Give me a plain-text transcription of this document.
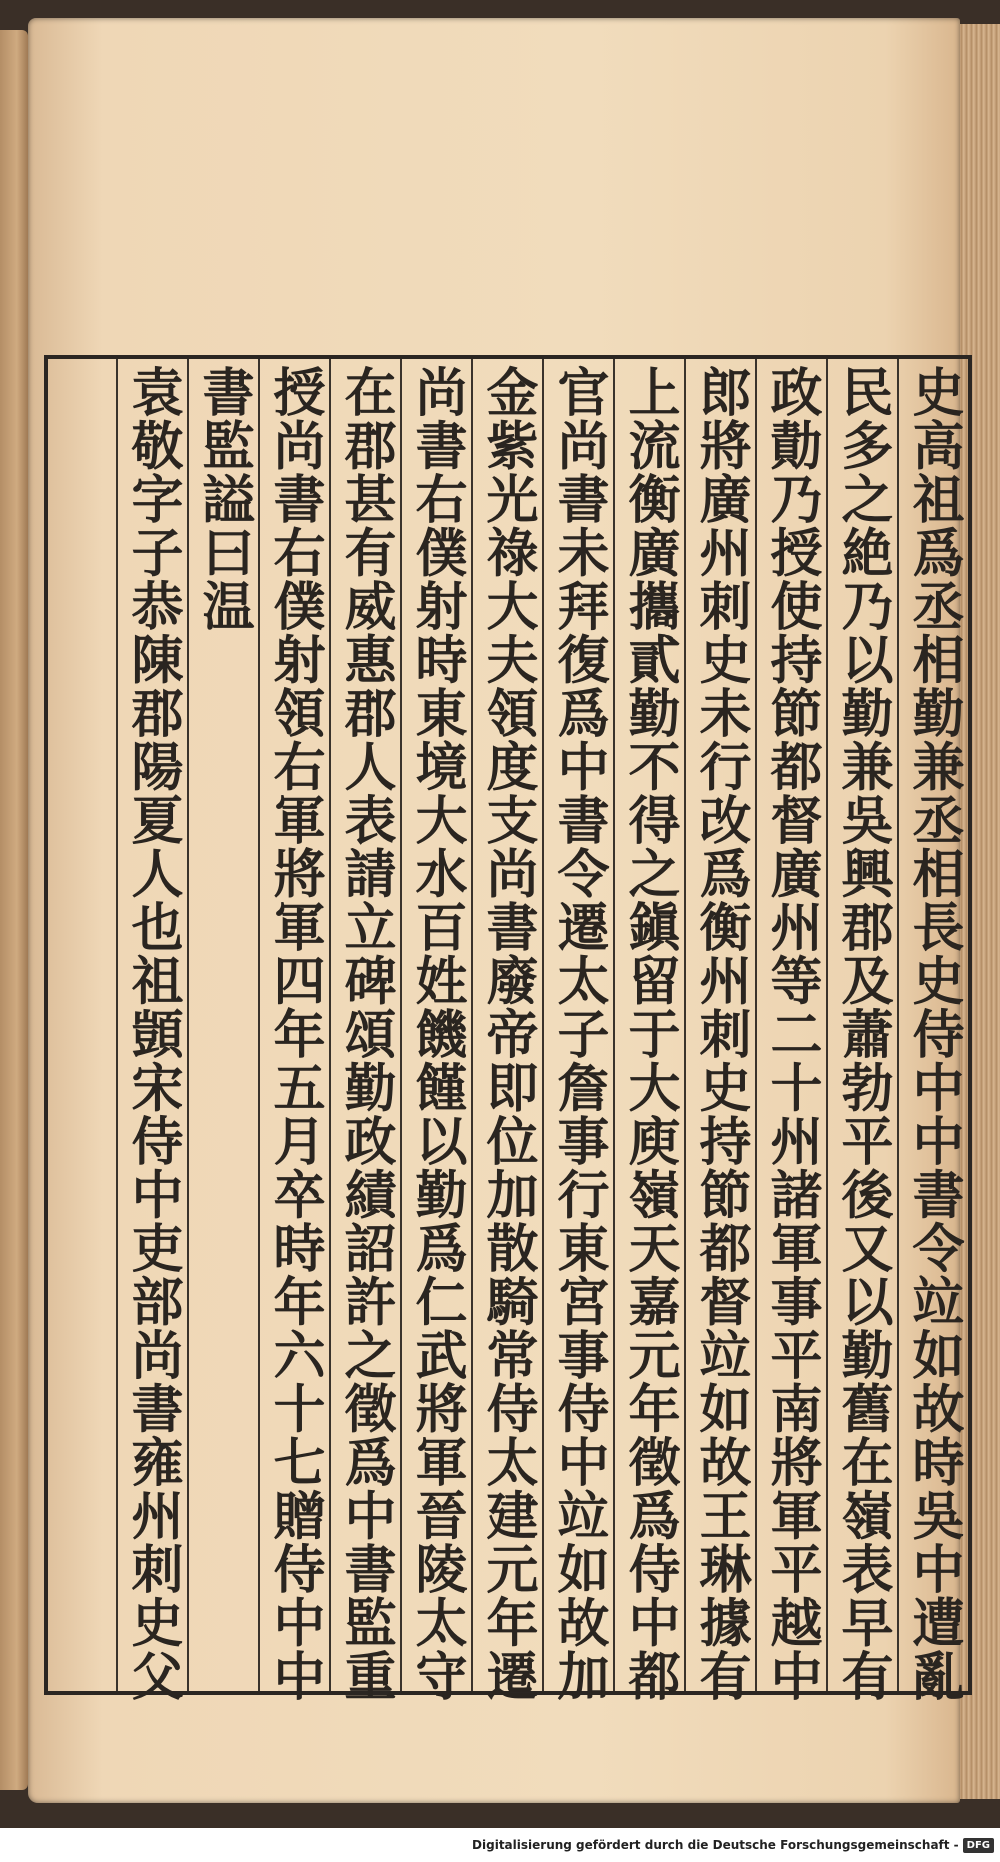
史高祖爲丞相勤兼丞相長史侍中中書令竝如故時吳中遭亂
民多之絶乃以勤兼吳興郡及蕭勃平後又以勤舊在嶺表早有
政勣乃授使持節都督廣州等二十州諸軍事平南將軍平越中
郎將廣州刺史未行改爲衡州刺史持節都督竝如故王琳據有
上流衡廣攜貳勤不得之鎭留于大庾嶺天嘉元年徵爲侍中都
官尚書未拜復爲中書令遷太子詹事行東宮事侍中竝如故加
金紫光祿大夫領度支尚書廢帝即位加散騎常侍太建元年遷
尚書右僕射時東境大水百姓饑饉以勤爲仁武將軍晉陵太守
在郡甚有威惠郡人表請立碑頌勤政績詔許之徵爲中書監重
授尚書右僕射領右軍將軍四年五月卒時年六十七贈侍中中
書監謚曰温
袁敬字子恭陳郡陽夏人也祖顗宋侍中吏部尚書雍州刺史父
Digitalisierung gefördert durch die Deutsche Forschungsgemeinschaft - DFG
